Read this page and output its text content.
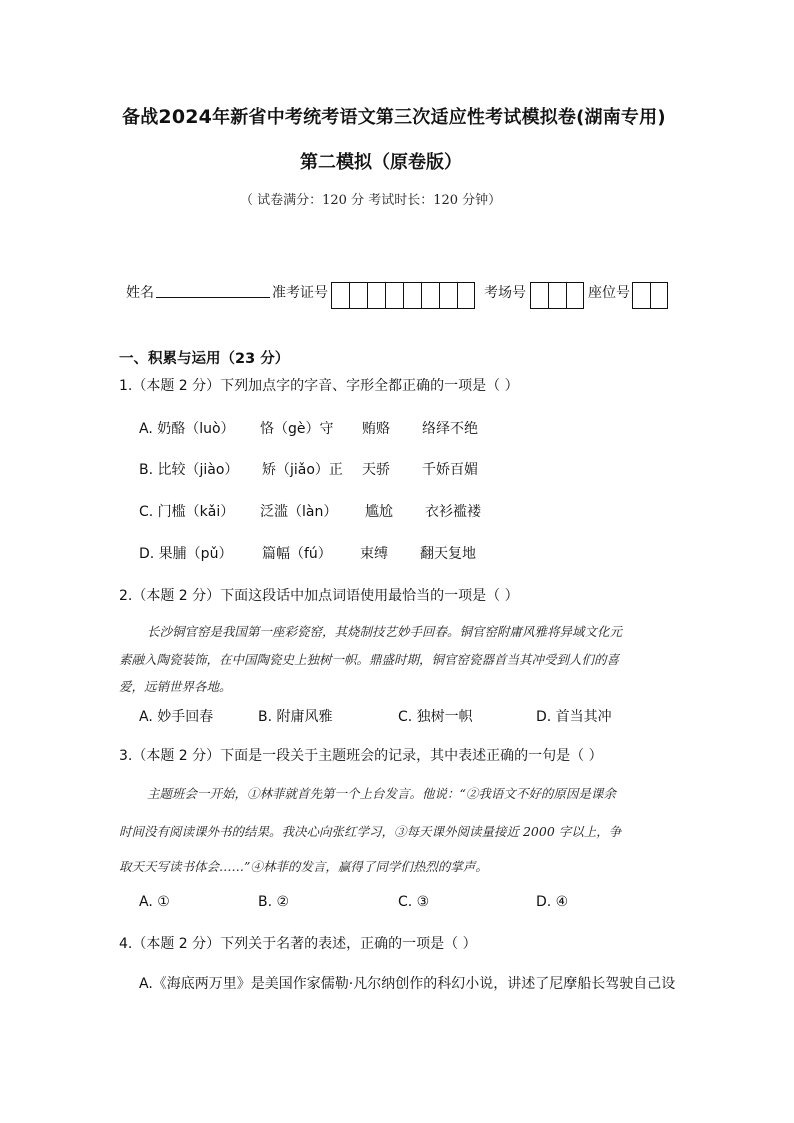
备战2024年新省中考统考语文第三次适应性考试模拟卷(湖南专用)
第二模拟（原卷版）
（ 试卷满分：120 分 考试时长：120 分钟）
姓名	准考证号	考场号	座位号
一、积累与运用（23 分）
1.（本题 2 分）下列加点字的字音、字形全都正确的一项是（ ）
A. 奶酪（luò） 恪（gè）守 贿赂 络绎不绝
B. 比较（jiào） 矫（jiǎo）正 天骄 千娇百媚
C. 门槛（kǎi） 泛滥（làn） 尴尬 衣衫褴褛
D. 果脯（pǔ） 篇幅（fú） 束缚 翻天复地
2.（本题 2 分）下面这段话中加点词语使用最恰当的一项是（ ）
长沙铜官窑是我国第一座彩瓷窑，其烧制技艺妙手回春。铜官窑附庸风雅将异域文化元
素融入陶瓷装饰，在中国陶瓷史上独树一帜。鼎盛时期，铜官窑瓷器首当其冲受到人们的喜
爱，远销世界各地。
A. 妙手回春	B. 附庸风雅	C. 独树一帜	D. 首当其冲
3.（本题 2 分）下面是一段关于主题班会的记录，其中表述正确的一句是（ ）
主题班会一开始，①林菲就首先第一个上台发言。他说：“②我语文不好的原因是课余
时间没有阅读课外书的结果。我决心向张红学习，③每天课外阅读量接近 2000 字以上，争
取天天写读书体会……”④林菲的发言，赢得了同学们热烈的掌声。
A. ①	B. ②	C. ③	D. ④
4.（本题 2 分）下列关于名著的表述，正确的一项是（ ）
A.《海底两万里》是美国作家儒勒·凡尔纳创作的科幻小说，讲述了尼摩船长驾驶自己设
